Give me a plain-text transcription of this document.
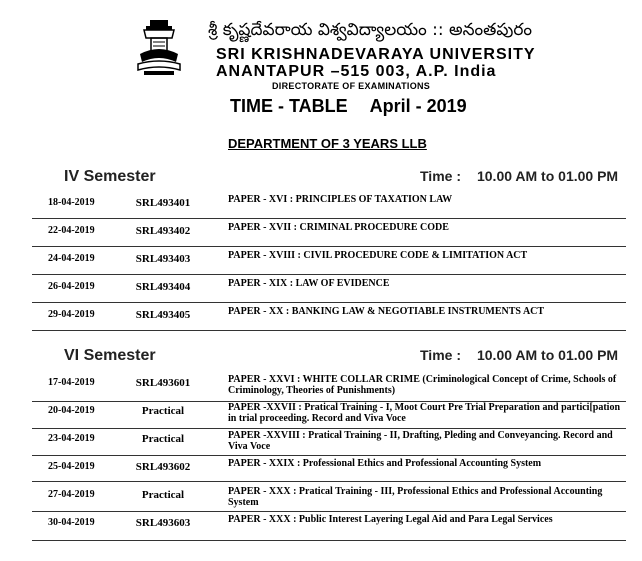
శ్రీ కృష్ణదేవరాయ విశ్వవిద్యాలయం :: అనంతపురం
SRI KRISHNADEVARAYA UNIVERSITY
ANANTAPUR –515 003, A.P. India
DIRECTORATE OF EXAMINATIONS
TIME - TABLE April - 2019
DEPARTMENT OF 3 YEARS LLB
IV Semester	Time : 10.00 AM to 01.00 PM
18-04-2019	SRL493401	PAPER - XVI : PRINCIPLES OF TAXATION LAW
22-04-2019	SRL493402	PAPER - XVII : CRIMINAL PROCEDURE CODE
24-04-2019	SRL493403	PAPER - XVIII : CIVIL PROCEDURE CODE & LIMITATION ACT
26-04-2019	SRL493404	PAPER - XIX : LAW OF EVIDENCE
29-04-2019	SRL493405	PAPER - XX : BANKING LAW & NEGOTIABLE INSTRUMENTS ACT
VI Semester	Time : 10.00 AM to 01.00 PM
17-04-2019	SRL493601	PAPER - XXVI : WHITE COLLAR CRIME (Criminological Concept of Crime, Schools of Criminology, Theories of Punishments)
20-04-2019	Practical	PAPER -XXVII : Pratical Training - I, Moot Court Pre Trial Preparation and partici[pation in trial proceeding. Record and Viva Voce
23-04-2019	Practical	PAPER -XXVIII : Pratical Training - II, Drafting, Pleding and Conveyancing. Record and Viva Voce
25-04-2019	SRL493602	PAPER - XXIX : Professional Ethics and Professional Accounting System
27-04-2019	Practical	PAPER - XXX : Pratical Training - III, Professional Ethics and Professional Accounting System
30-04-2019	SRL493603	PAPER - XXX : Public Interest Layering Legal Aid and Para Legal Services
